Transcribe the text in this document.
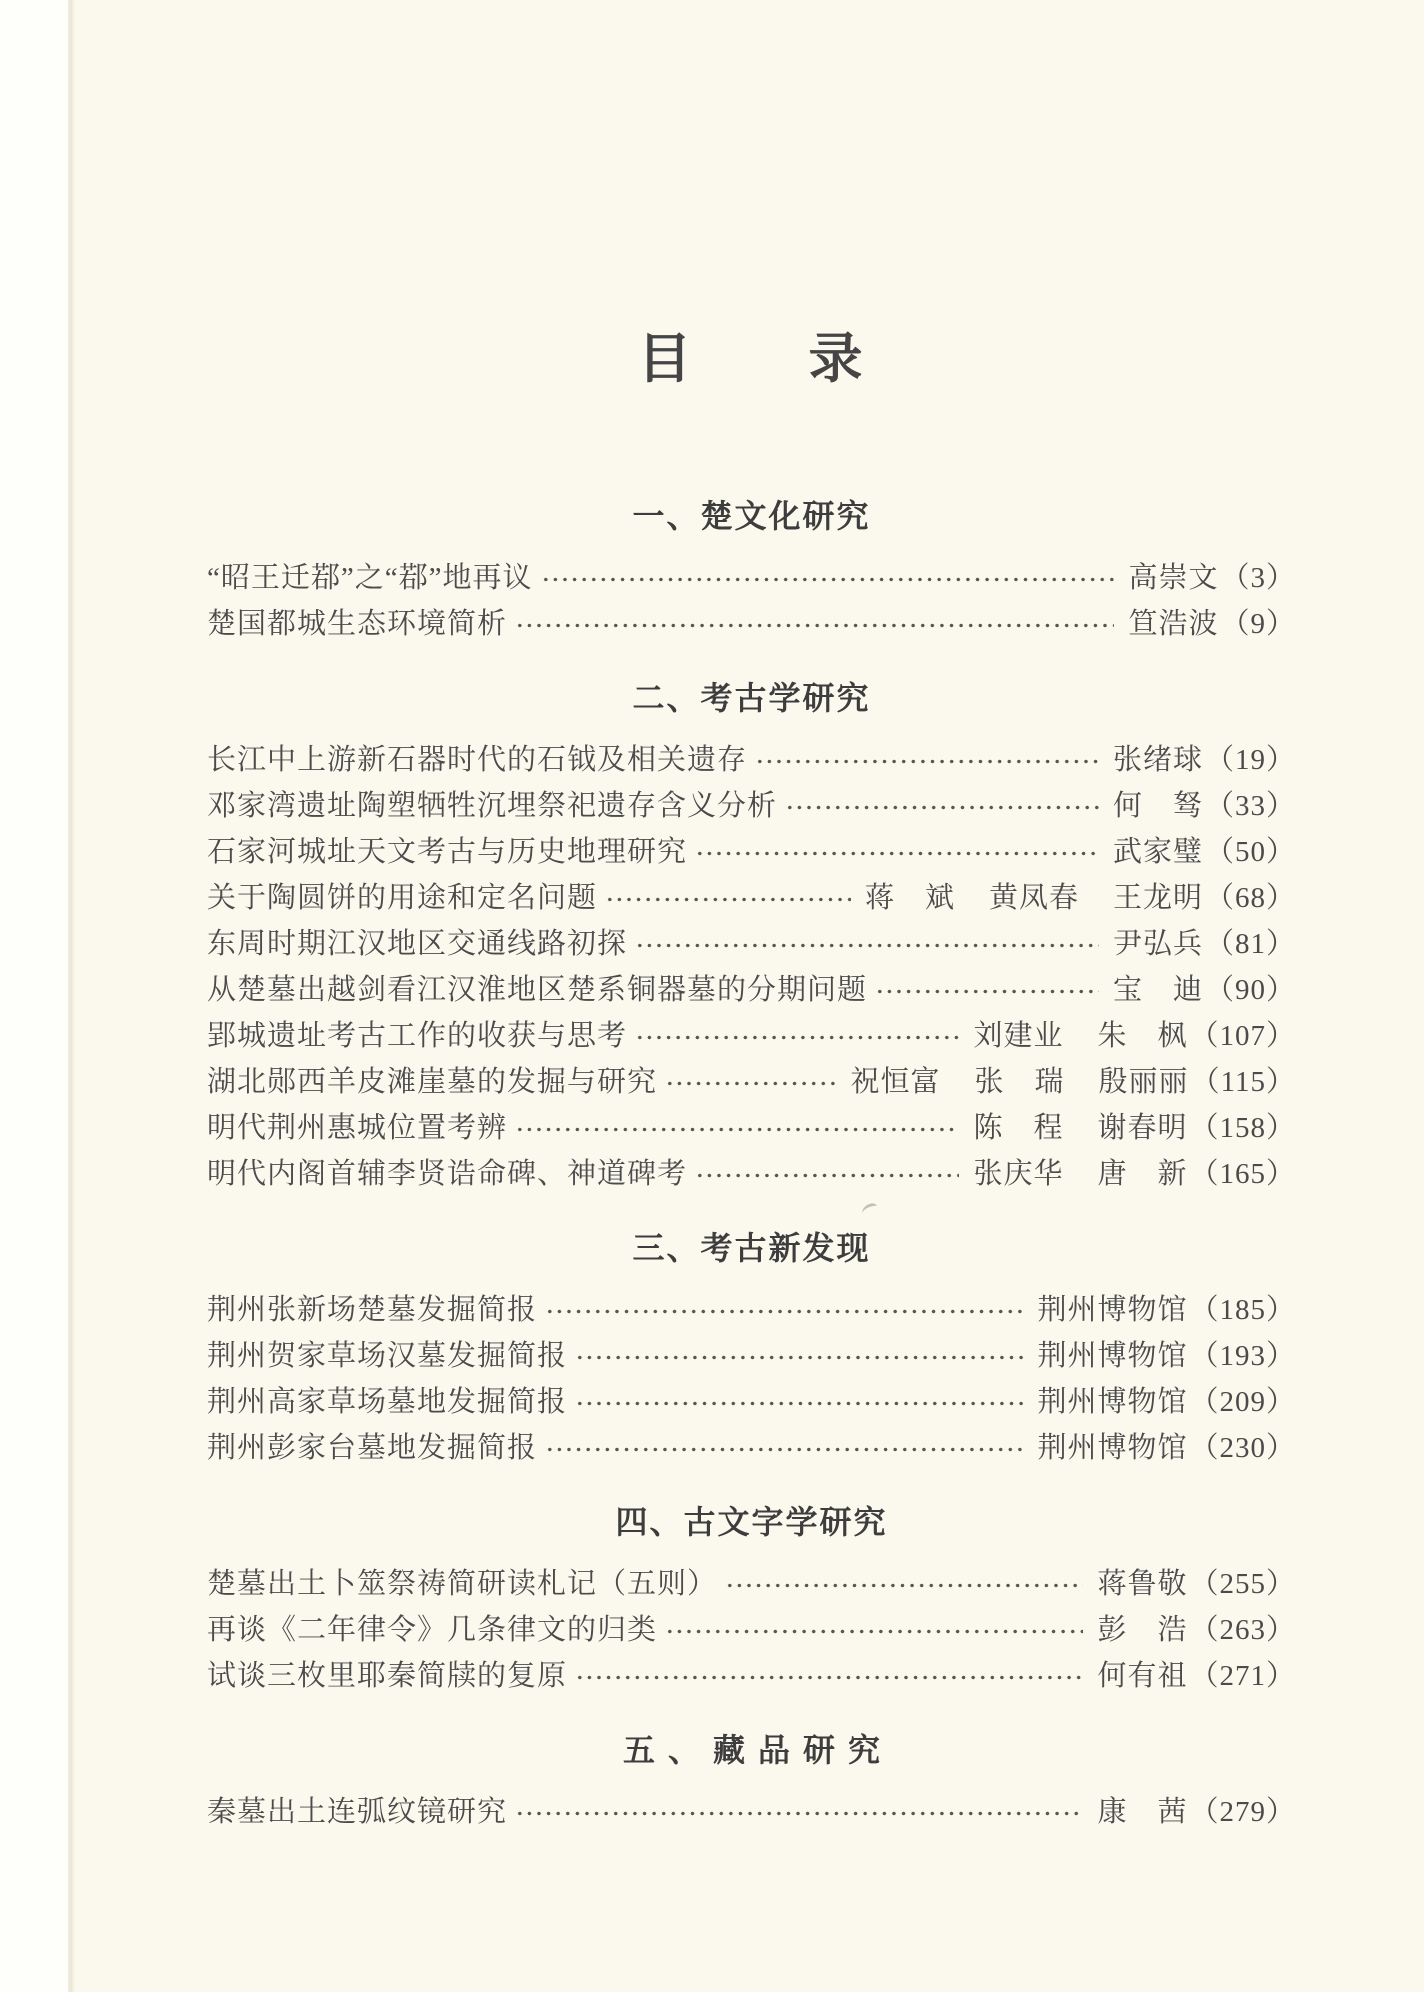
目　　录
一、楚文化研究
“昭王迁鄀”之“鄀”地再议	高崇文 （3）
楚国都城生态环境简析	笪浩波 （9）
二、考古学研究
长江中上游新石器时代的石钺及相关遗存	张绪球 （19）
邓家湾遗址陶塑牺牲沉埋祭祀遗存含义分析	何　驽 （33）
石家河城址天文考古与历史地理研究	武家璧 （50）
关于陶圆饼的用途和定名问题	蒋　斌 黄凤春 王龙明 （68）
东周时期江汉地区交通线路初探	尹弘兵 （81）
从楚墓出越剑看江汉淮地区楚系铜器墓的分期问题	宝　迪 （90）
郢城遗址考古工作的收获与思考	刘建业 朱　枫 （107）
湖北郧西羊皮滩崖墓的发掘与研究	祝恒富 张　瑞 殷丽丽 （115）
明代荆州惠城位置考辨	陈　程 谢春明 （158）
明代内阁首辅李贤诰命碑、神道碑考	张庆华 唐　新 （165）
三、考古新发现
荆州张新场楚墓发掘简报	荆州博物馆 （185）
荆州贺家草场汉墓发掘简报	荆州博物馆 （193）
荆州高家草场墓地发掘简报	荆州博物馆 （209）
荆州彭家台墓地发掘简报	荆州博物馆 （230）
四、古文字学研究
楚墓出土卜筮祭祷简研读札记（五则）	蒋鲁敬 （255）
再谈《二年律令》几条律文的归类	彭　浩 （263）
试谈三枚里耶秦简牍的复原	何有祖 （271）
五、藏品研究
秦墓出土连弧纹镜研究	康　茜 （279）
